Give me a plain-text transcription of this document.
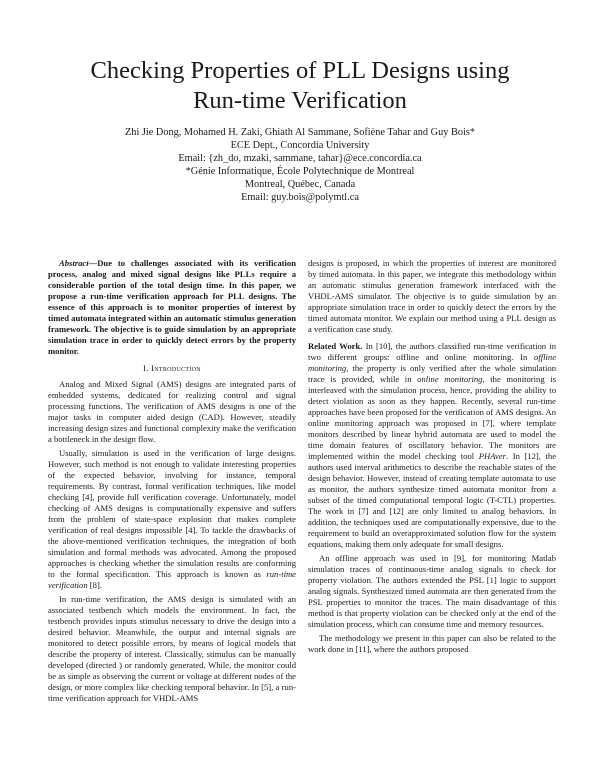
Checking Properties of PLL Designs using
Run-time Verification
Zhi Jie Dong, Mohamed H. Zaki, Ghiath Al Sammane, Sofiène Tahar and Guy Bois*
ECE Dept., Concordia University
Email: {zh_do, mzaki, sammane, tahar}@ece.concordia.ca
*Génie Informatique, École Polytechnique de Montreal
Montreal, Québec, Canada
Email: guy.bois@polymtl.ca

Abstract—Due to challenges associated with its verification process, analog and mixed signal designs like PLLs require a considerable portion of the total design time. In this paper, we propose a run-time verification approach for PLL designs. The essence of this approach is to monitor properties of interest by timed automata integrated within an automatic stimulus generation framework. The objective is to guide simulation by an appropriate simulation trace in order to quickly detect errors by the property monitor.

I. Introduction

Analog and Mixed Signal (AMS) designs are integrated parts of embedded systems, dedicated for realizing control and signal processing functions. The verification of AMS designs is one of the major tasks in computer aided design (CAD). However, steadily increasing design sizes and functional complexity make the verification a bottleneck in the design flow.

Usually, simulation is used in the verification of large designs. However, such method is not enough to validate interesting properties of the expected behavior, involving for instance, temporal requirements. By contrast, formal verification techniques, like model checking [4], provide full verification coverage. Unfortunately, model checking of AMS designs is computationally expensive and suffers from the problem of state-space explosion that makes complete verification of real designs impossible [4]. To tackle the drawbacks of the above-mentioned verification techniques, the integration of both simulation and formal methods was advocated. Among the proposed approaches is checking whether the simulation results are conforming to the formal specification. This approach is known as run-time verification [8].

In run-time verification, the AMS design is simulated with an associated testbench which models the environment. In fact, the testbench provides inputs stimulus necessary to drive the design into a desired behavior. Meanwhile, the output and internal signals are monitored to detect possible errors, by means of logical models that describe the property of interest. Classically, stimulus can be manually developed (directed ) or randomly generated. While, the monitor could be as simple as observing the current or voltage at different nodes of the design, or more complex like checking temporal behavior. In [5], a run-time verification approach for VHDL-AMS

designs is proposed, in which the properties of interest are monitored by timed automata. In this paper, we integrate this methodology within an automatic stimulus generation framework interfaced with the VHDL-AMS simulator. The objective is to guide simulation by an appropriate simulation trace in order to quickly detect the errors by the timed automata monitor. We explain our method using a PLL design as a verification case study.

Related Work. In [10], the authors classified run-time verification in two different groups: offline and online monitoring. In offline monitoring, the property is only verified after the whole simulation trace is provided, while in online monitoring, the monitoring is interleaved with the simulation process, hence, providing the ability to detect violation as soon as they happen. Recently, several run-time approaches have been proposed for the verification of AMS designs. An online monitoring approach was proposed in [7], where template monitors described by linear hybrid automata are used to model the time domain features of oscillatory behavior. The monitors are implemented within the model checking tool PHAver. In [12], the authors used interval arithmetics to describe the reachable states of the design behavior. However, instead of creating template automata to use as monitor, the authors synthesize timed automata monitor from a subset of the timed computational temporal logic (T-CTL) properties. The work in [7] and [12] are only limited to analog behaviors. In addition, the techniques used are computationally expensive, due to the requirement to build an overapproximated solution flow for the system equations, making them only adequate for small designs.

An offline approach was used in [9], for monitoring Matlab simulation traces of continuous-time analog signals to check for property violation. The authors extended the PSL [1] logic to support analog signals. Synthesized timed automata are then generated from the PSL properties to monitor the traces. The main disadvantage of this method is that property violation can be checked only at the end of the simulation process, which can consume time and memory resources.

The methodology we present in this paper can also be related to the work done in [11], where the authors proposed
